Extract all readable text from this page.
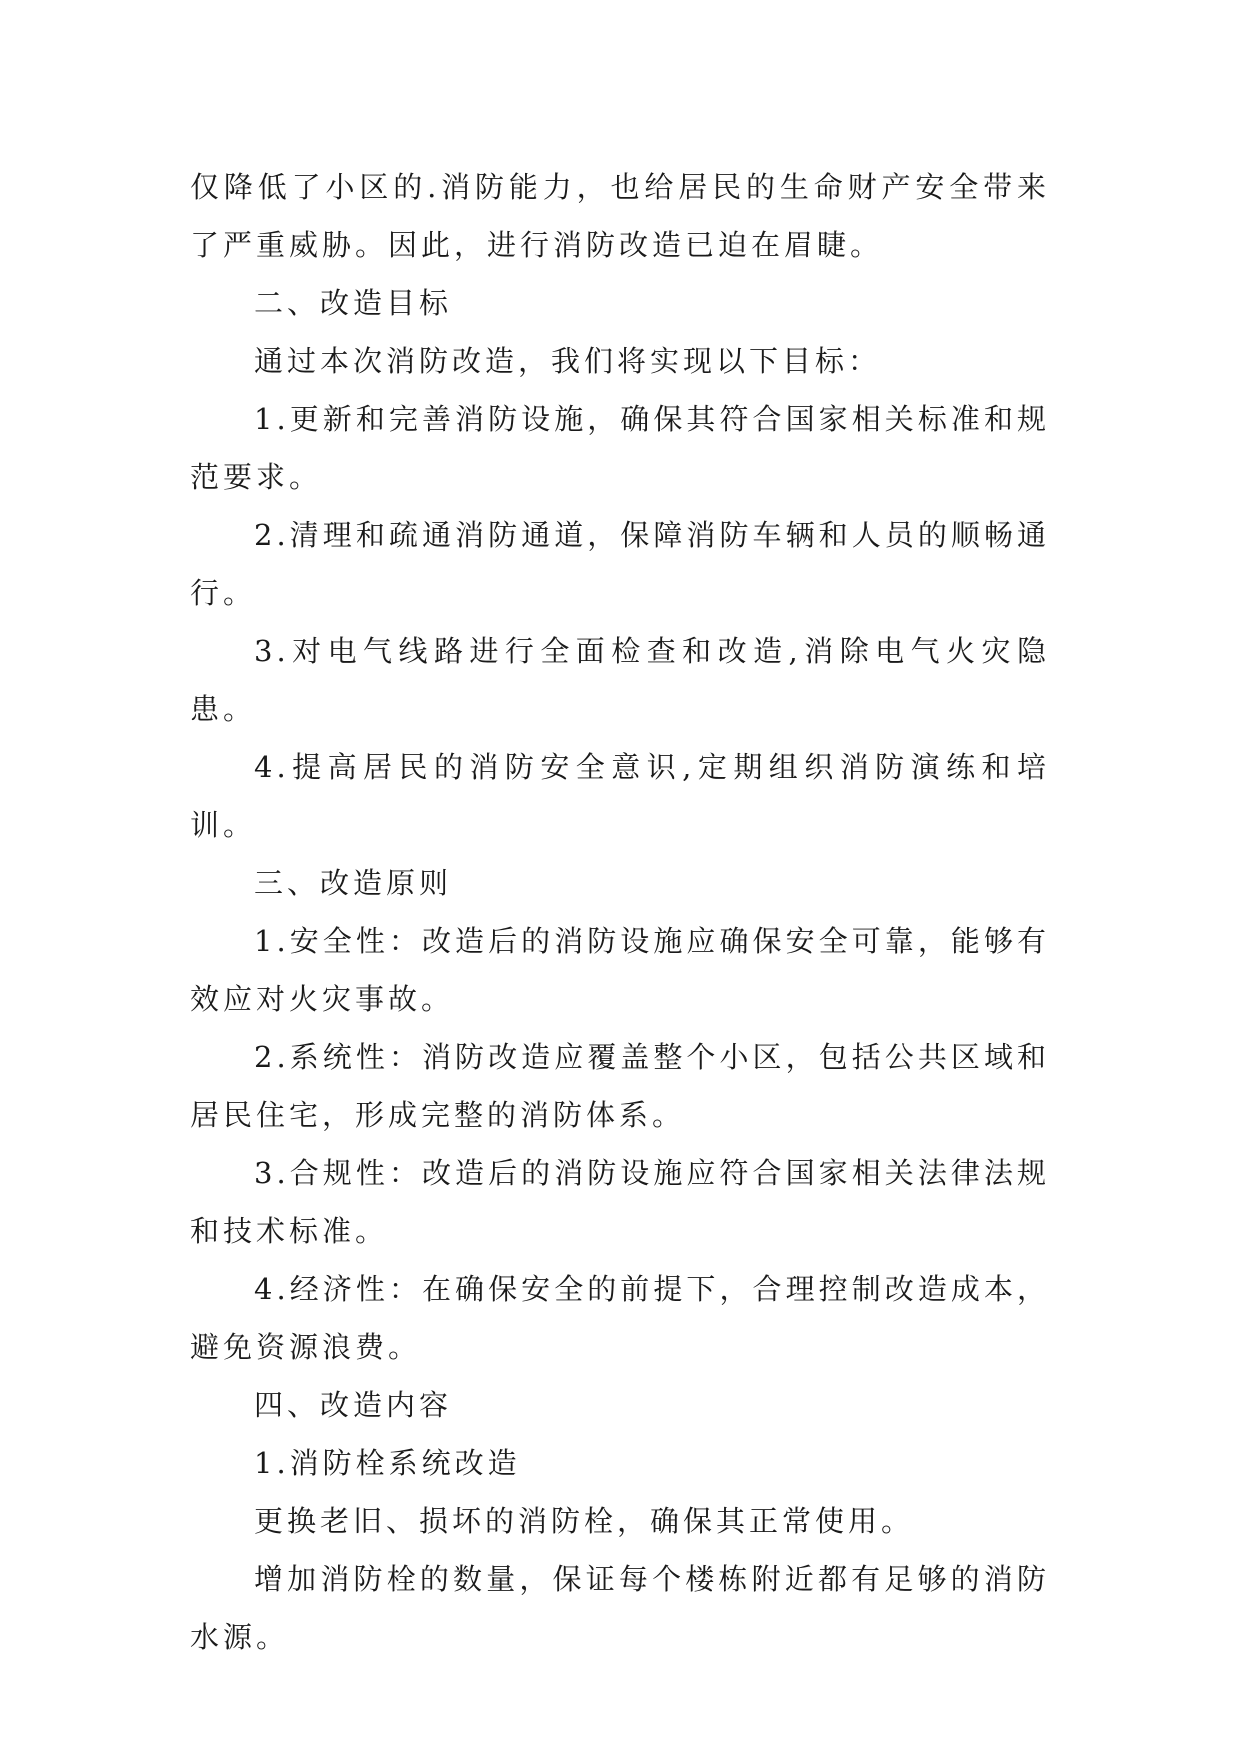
仅降低了小区的.消防能力，也给居民的生命财产安全带来了严重威胁。因此，进行消防改造已迫在眉睫。

二、改造目标

通过本次消防改造，我们将实现以下目标：

1.更新和完善消防设施，确保其符合国家相关标准和规范要求。

2.清理和疏通消防通道，保障消防车辆和人员的顺畅通行。

3.对电气线路进行全面检查和改造,消除电气火灾隐患。

4.提高居民的消防安全意识,定期组织消防演练和培训。

三、改造原则

1.安全性：改造后的消防设施应确保安全可靠，能够有效应对火灾事故。

2.系统性：消防改造应覆盖整个小区，包括公共区域和居民住宅，形成完整的消防体系。

3.合规性：改造后的消防设施应符合国家相关法律法规和技术标准。

4.经济性：在确保安全的前提下，合理控制改造成本，避免资源浪费。

四、改造内容

1.消防栓系统改造

更换老旧、损坏的消防栓，确保其正常使用。

增加消防栓的数量，保证每个楼栋附近都有足够的消防水源。
